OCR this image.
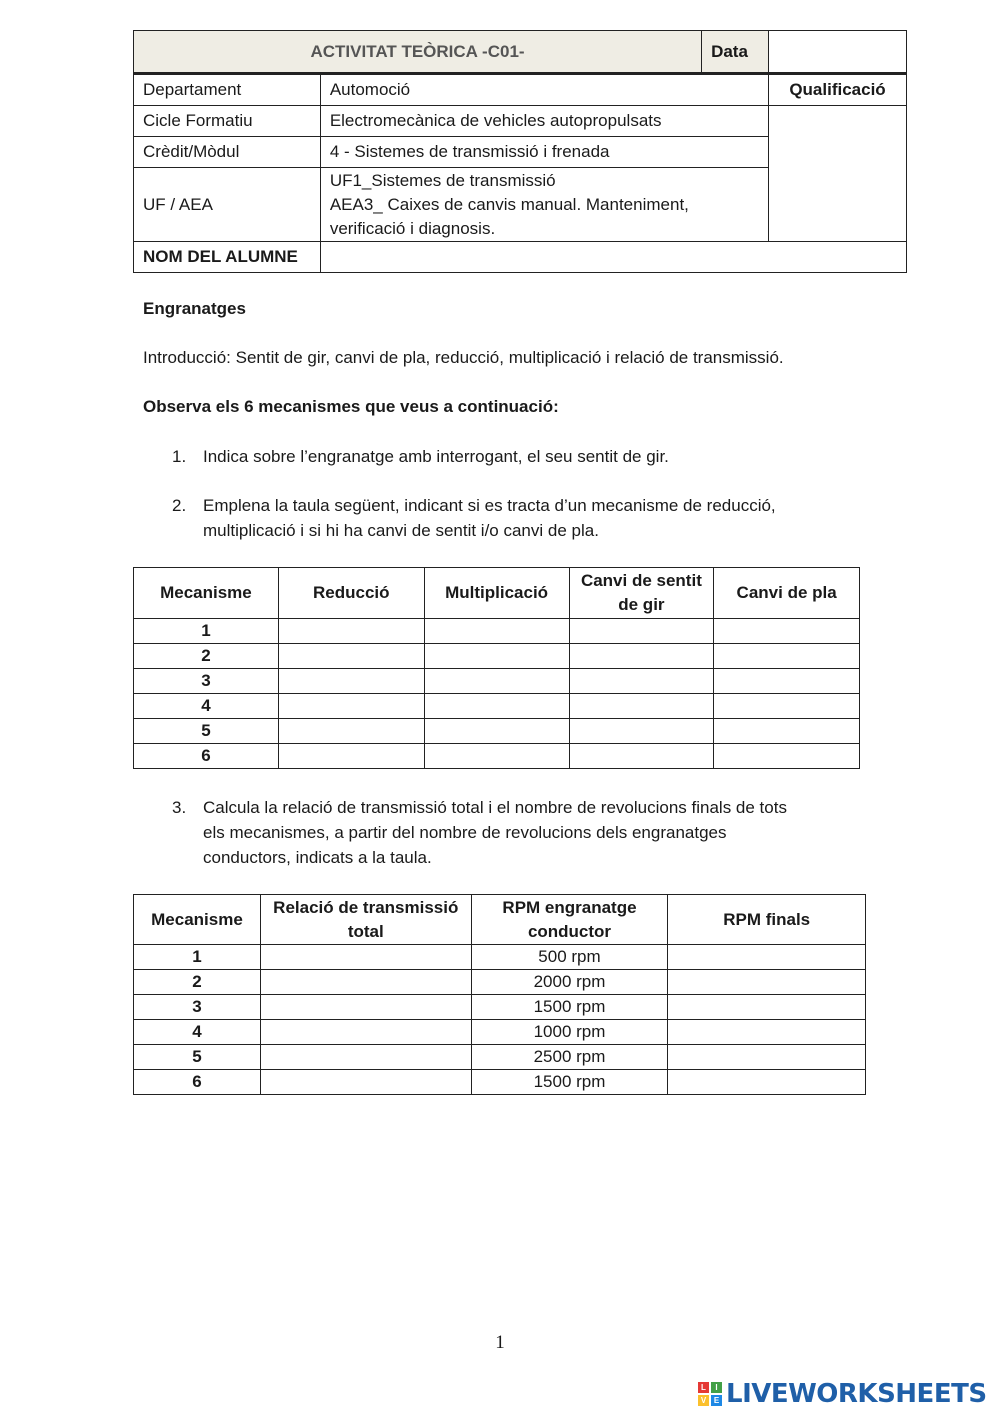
ACTIVITAT TEÒRICA -C01-		Data	
Departament	Automoció		Qualificació
Cicle Formatiu	Electromecànica de vehicles autopropulsats		
Crèdit/Mòdul	4 - Sistemes de transmissió i frenada		
UF / AEA	UF1_Sistemes de transmissió
AEA3_ Caixes de canvis manual. Manteniment,
verificació i diagnosis.		

NOM DEL ALUMNE			
Engranatges
Introducció: Sentit de gir, canvi de pla, reducció, multiplicació i relació de transmissió.
Observa els 6 mecanismes que veus a continuació:
1. Indica sobre l’engranatge amb interrogant, el seu sentit de gir.
2. Emplena la taula següent, indicant si es tracta d’un mecanisme de reducció,
multiplicació i si hi ha canvi de sentit i/o canvi de pla.
Mecanisme	Reducció	Multiplicació	Canvi de sentit de gir	Canvi de pla
1				
2				
3				
4				
5				
6				
3. Calcula la relació de transmissió total i el nombre de revolucions finals de tots
els mecanismes, a partir del nombre de revolucions dels engranatges
conductors, indicats a la taula.
Mecanisme	Relació de transmissió total	RPM engranatge conductor	RPM finals
1		500 rpm	
2		2000 rpm	
3		1500 rpm	
4		1000 rpm	
5		2500 rpm	
6		1500 rpm	
1
L	I
V E LIVEWORKSHEETS
